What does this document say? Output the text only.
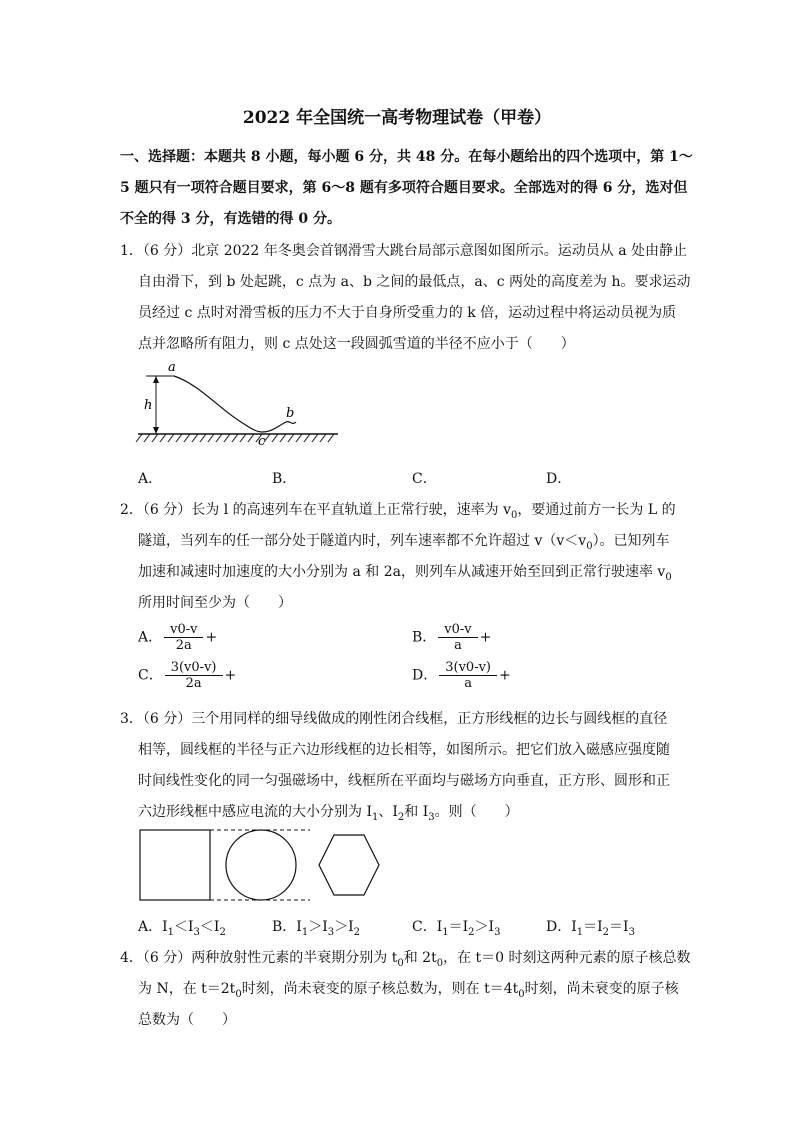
2022 年全国统一高考物理试卷（甲卷）
一、选择题：本题共 8 小题，每小题 6 分，共 48 分。在每小题给出的四个选项中，第 1～
5 题只有一项符合题目要求，第 6～8 题有多项符合题目要求。全部选对的得 6 分，选对但
不全的得 3 分，有选错的得 0 分。
1．（6 分）北京 2022 年冬奥会首钢滑雪大跳台局部示意图如图所示。运动员从 a 处由静止
自由滑下，到 b 处起跳，c 点为 a、b 之间的最低点，a、c 两处的高度差为 h。要求运动
员经过 c 点时对滑雪板的压力不大于自身所受重力的 k 倍，运动过程中将运动员视为质
点并忽略所有阻力，则 c 点处这一段圆弧雪道的半径不应小于（　　）
a
h
c
b
A．	B．	C．	D．
2．（6 分）长为 l 的高速列车在平直轨道上正常行驶，速率为 $v_0$，要通过前方一长为 L 的
隧道，当列车的任一部分处于隧道内时，列车速率都不允许超过 $v(v<v_0)$。已知列车
加速和减速时加速度的大小分别为 a 和 2a，则列车从减速开始至回到正常行驶速率 $v_0$
所用时间至少为（　　）
A． $\frac{v0-v}{2a}$ +	B． $\frac{v0-v}{a}$ +
C． $\frac{3(v0-v)}{2a}$ +	D． $\frac{3(v0-v)}{a}$ +
3．（6 分）三个用同样的细导线做成的刚性闭合线框，正方形线框的边长与圆线框的直径
相等，圆线框的半径与正六边形线框的边长相等，如图所示。把它们放入磁感应强度随
时间线性变化的同一匀强磁场中，线框所在平面均与磁场方向垂直，正方形、圆形和正
六边形线框中感应电流的大小分别为 $I_1$、$I_2$和 $I_3$。则（　　）
A．$I_1<I_3<I_2$	B．$I_1>I_3>I_2$	C．$I_1=I_2>I_3$	D．$I_1=I_2=I_3$
4．（6 分）两种放射性元素的半衰期分别为 $t_0$和 $2t_0$，在 t＝0 时刻这两种元素的原子核总数
为 N，在 $t=2t_0$时刻，尚未衰变的原子核总数为，则在 $t=4t_0$时刻，尚未衰变的原子核
总数为（　　）
